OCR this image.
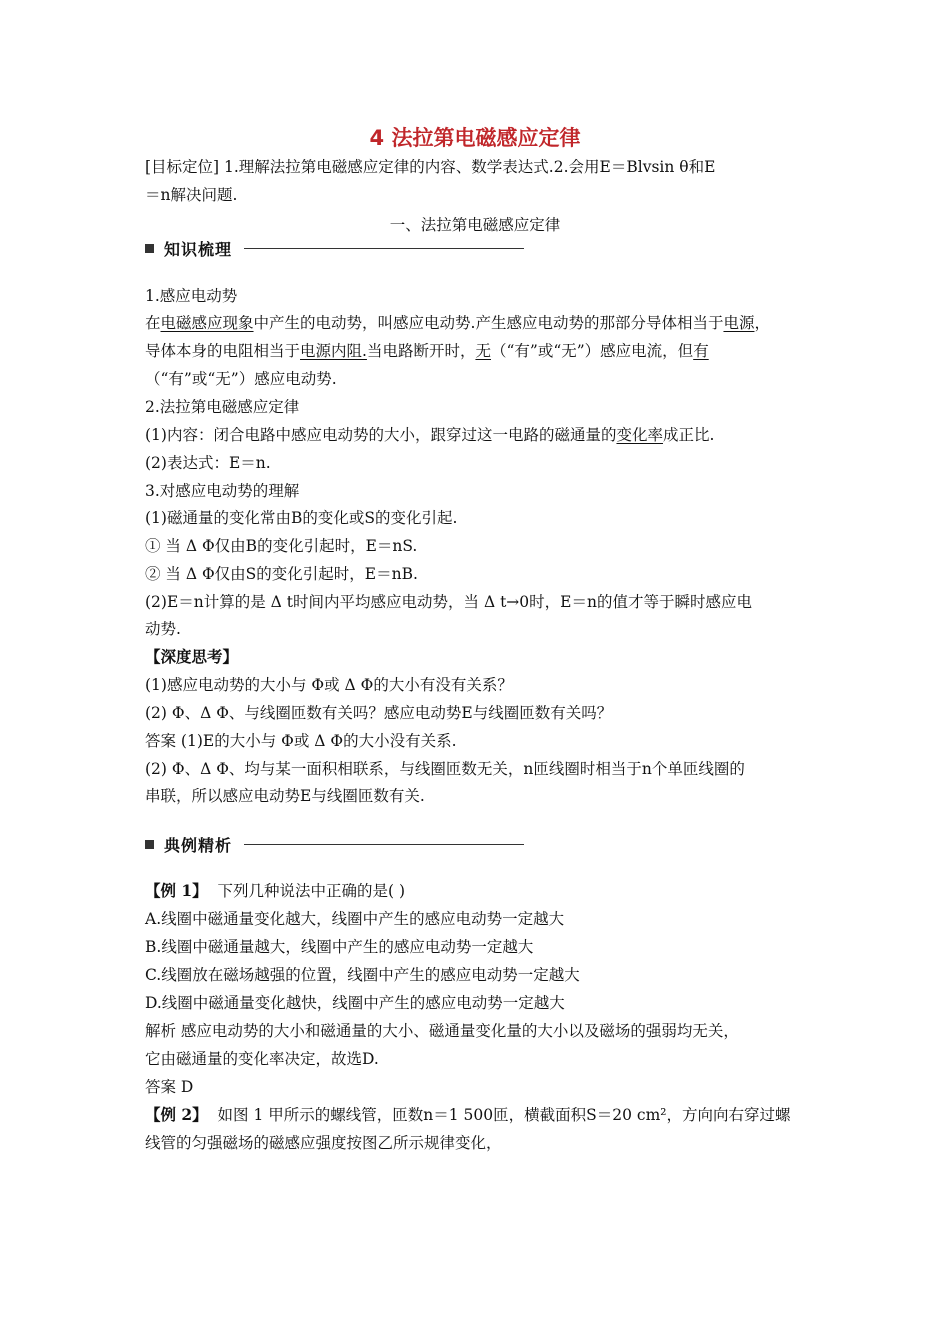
4 法拉第电磁感应定律
[目标定位] 1.理解法拉第电磁感应定律的内容、数学表达式.2.会用E＝Blvsin θ和E
＝n解决问题.
一、法拉第电磁感应定律
知识梳理
1.感应电动势
在电磁感应现象中产生的电动势，叫感应电动势.产生感应电动势的那部分导体相当于电源，
导体本身的电阻相当于电源内阻.当电路断开时，无（“有”或“无”）感应电流，但有
（“有”或“无”）感应电动势.
2.法拉第电磁感应定律
(1)内容：闭合电路中感应电动势的大小，跟穿过这一电路的磁通量的变化率成正比.
(2)表达式：E＝n.
3.对感应电动势的理解
(1)磁通量的变化常由B的变化或S的变化引起.
① 当 Δ Φ仅由B的变化引起时，E＝nS.
② 当 Δ Φ仅由S的变化引起时，E＝nB.
(2)E＝n计算的是 Δ t时间内平均感应电动势，当 Δ t→0时，E＝n的值才等于瞬时感应电
动势.
【深度思考】
(1)感应电动势的大小与 Φ或 Δ Φ的大小有没有关系？
(2) Φ、Δ Φ、与线圈匝数有关吗？感应电动势E与线圈匝数有关吗？
答案 (1)E的大小与 Φ或 Δ Φ的大小没有关系.
(2) Φ、Δ Φ、均与某一面积相联系，与线圈匝数无关，n匝线圈时相当于n个单匝线圈的
串联，所以感应电动势E与线圈匝数有关.
典例精析
【例 1】 下列几种说法中正确的是( )
A.线圈中磁通量变化越大，线圈中产生的感应电动势一定越大
B.线圈中磁通量越大，线圈中产生的感应电动势一定越大
C.线圈放在磁场越强的位置，线圈中产生的感应电动势一定越大
D.线圈中磁通量变化越快，线圈中产生的感应电动势一定越大
解析 感应电动势的大小和磁通量的大小、磁通量变化量的大小以及磁场的强弱均无关，
它由磁通量的变化率决定，故选D.
答案 D
【例 2】 如图 1 甲所示的螺线管，匝数n＝1 500匝，横截面积S＝20 cm²，方向向右穿过螺
线管的匀强磁场的磁感应强度按图乙所示规律变化，
